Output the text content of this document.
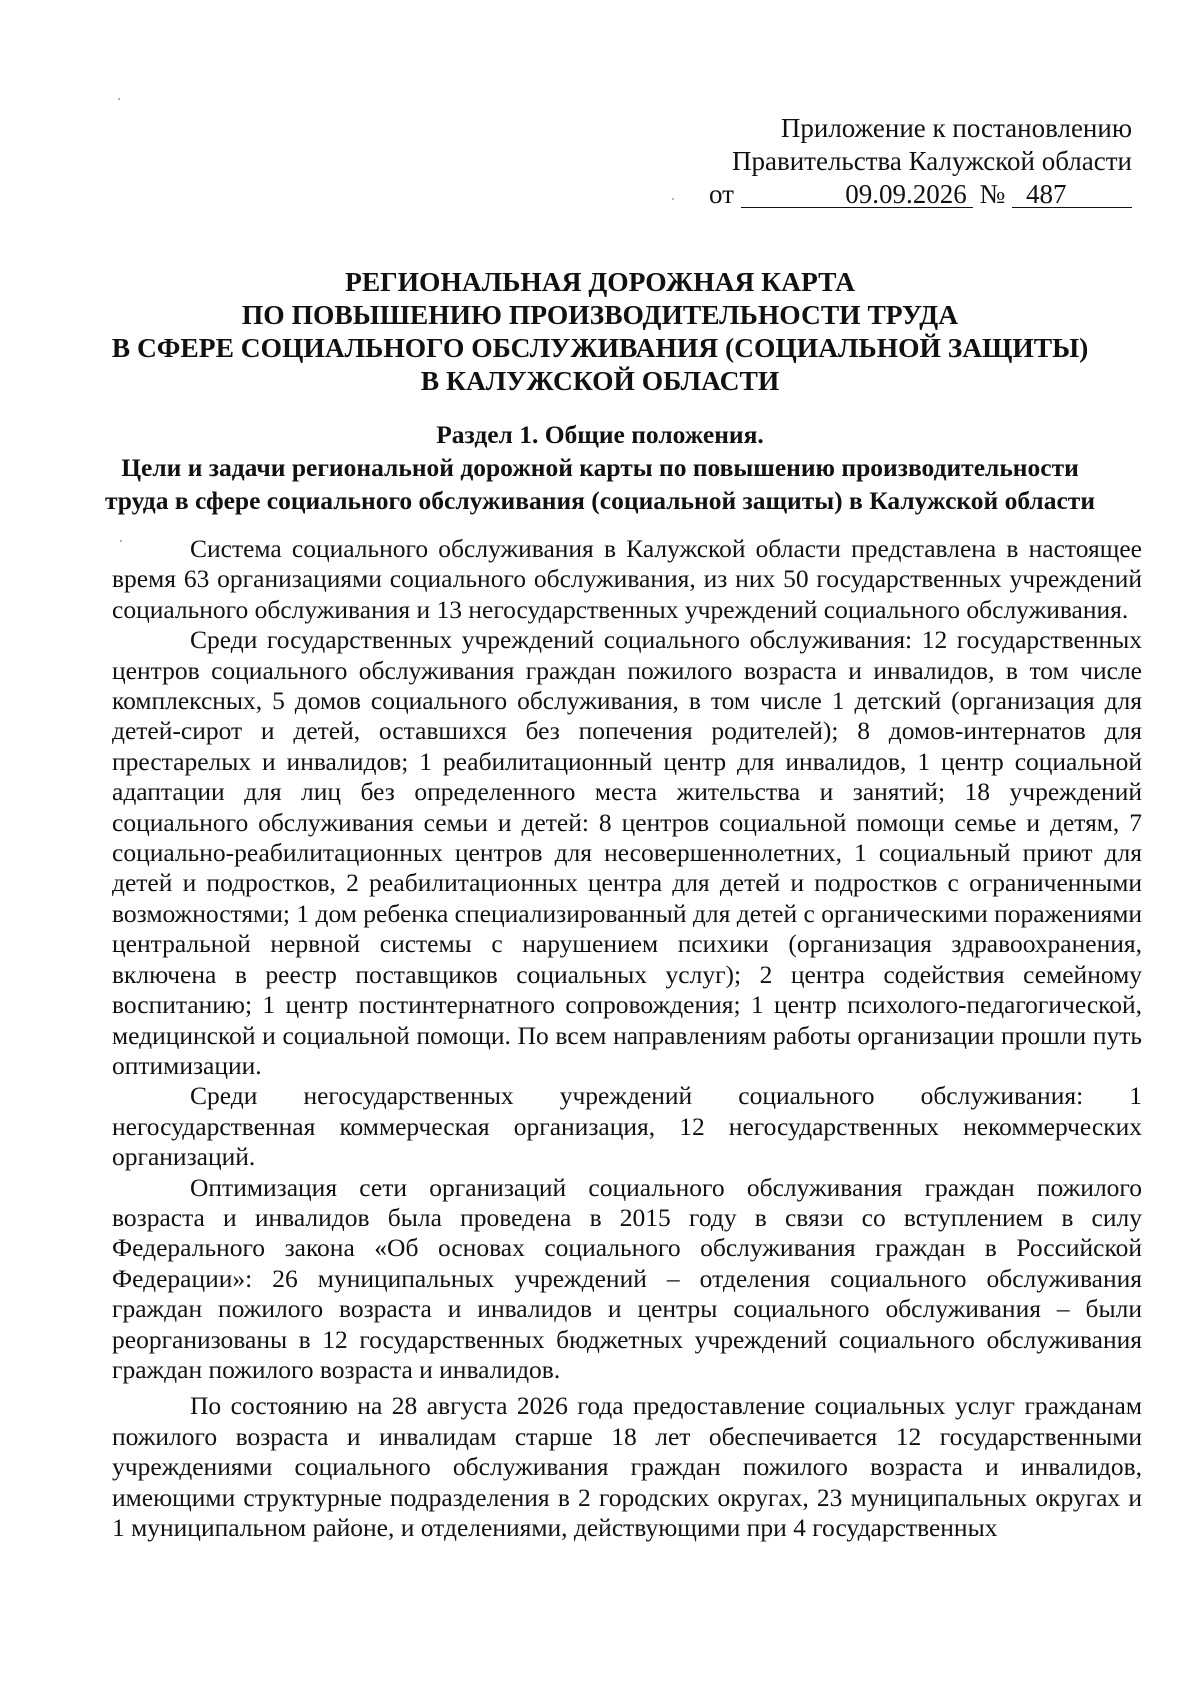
Приложение к постановлению
Правительства Калужской области
от	09.09.2026 № 487
РЕГИОНАЛЬНАЯ ДОРОЖНАЯ КАРТА
ПО ПОВЫШЕНИЮ ПРОИЗВОДИТЕЛЬНОСТИ ТРУДА
В СФЕРЕ СОЦИАЛЬНОГО ОБСЛУЖИВАНИЯ (СОЦИАЛЬНОЙ ЗАЩИТЫ)
В КАЛУЖСКОЙ ОБЛАСТИ
Раздел 1. Общие положения.
Цели и задачи региональной дорожной карты по повышению производительности
труда в сфере социального обслуживания (социальной защиты) в Калужской области

Система социального обслуживания в Калужской области представлена в настоящее время 63 организациями социального обслуживания, из них 50 государственных учреждений социального обслуживания и 13 негосударственных учреждений социального обслуживания.

Среди государственных учреждений социального обслуживания: 12 государственных центров социального обслуживания граждан пожилого возраста и инвалидов, в том числе комплексных, 5 домов социального обслуживания, в том числе 1 детский (организация для детей-сирот и детей, оставшихся без попечения родителей); 8 домов-интернатов для престарелых и инвалидов; 1 реабилитационный центр для инвалидов, 1 центр социальной адаптации для лиц без определенного места жительства и занятий; 18 учреждений социального обслуживания семьи и детей: 8 центров социальной помощи семье и детям, 7 социально-реабилитационных центров для несовершеннолетних, 1 социальный приют для детей и подростков, 2 реабилитационных центра для детей и подростков с ограниченными возможностями; 1 дом ребенка специализированный для детей с органическими поражениями центральной нервной системы с нарушением психики (организация здравоохранения, включена в реестр поставщиков социальных услуг); 2 центра содействия семейному воспитанию; 1 центр постинтернатного сопровождения; 1 центр психолого-педагогической, медицинской и социальной помощи. По всем направлениям работы организации прошли путь оптимизации.

Среди негосударственных учреждений социального обслуживания: 1 негосударственная коммерческая организация, 12 негосударственных некоммерческих организаций.

Оптимизация сети организаций социального обслуживания граждан пожилого возраста и инвалидов была проведена в 2015 году в связи со вступлением в силу Федерального закона «Об основах социального обслуживания граждан в Российской Федерации»: 26 муниципальных учреждений – отделения социального обслуживания граждан пожилого возраста и инвалидов и центры социального обслуживания – были реорганизованы в 12 государственных бюджетных учреждений социального обслуживания граждан пожилого возраста и инвалидов.

По состоянию на 28 августа 2026 года предоставление социальных услуг гражданам пожилого возраста и инвалидам старше 18 лет обеспечивается 12 государственными учреждениями социального обслуживания граждан пожилого возраста и инвалидов, имеющими структурные подразделения в 2 городских округах, 23 муниципальных округах и 1 муниципальном районе, и отделениями, действующими при 4 государственных
